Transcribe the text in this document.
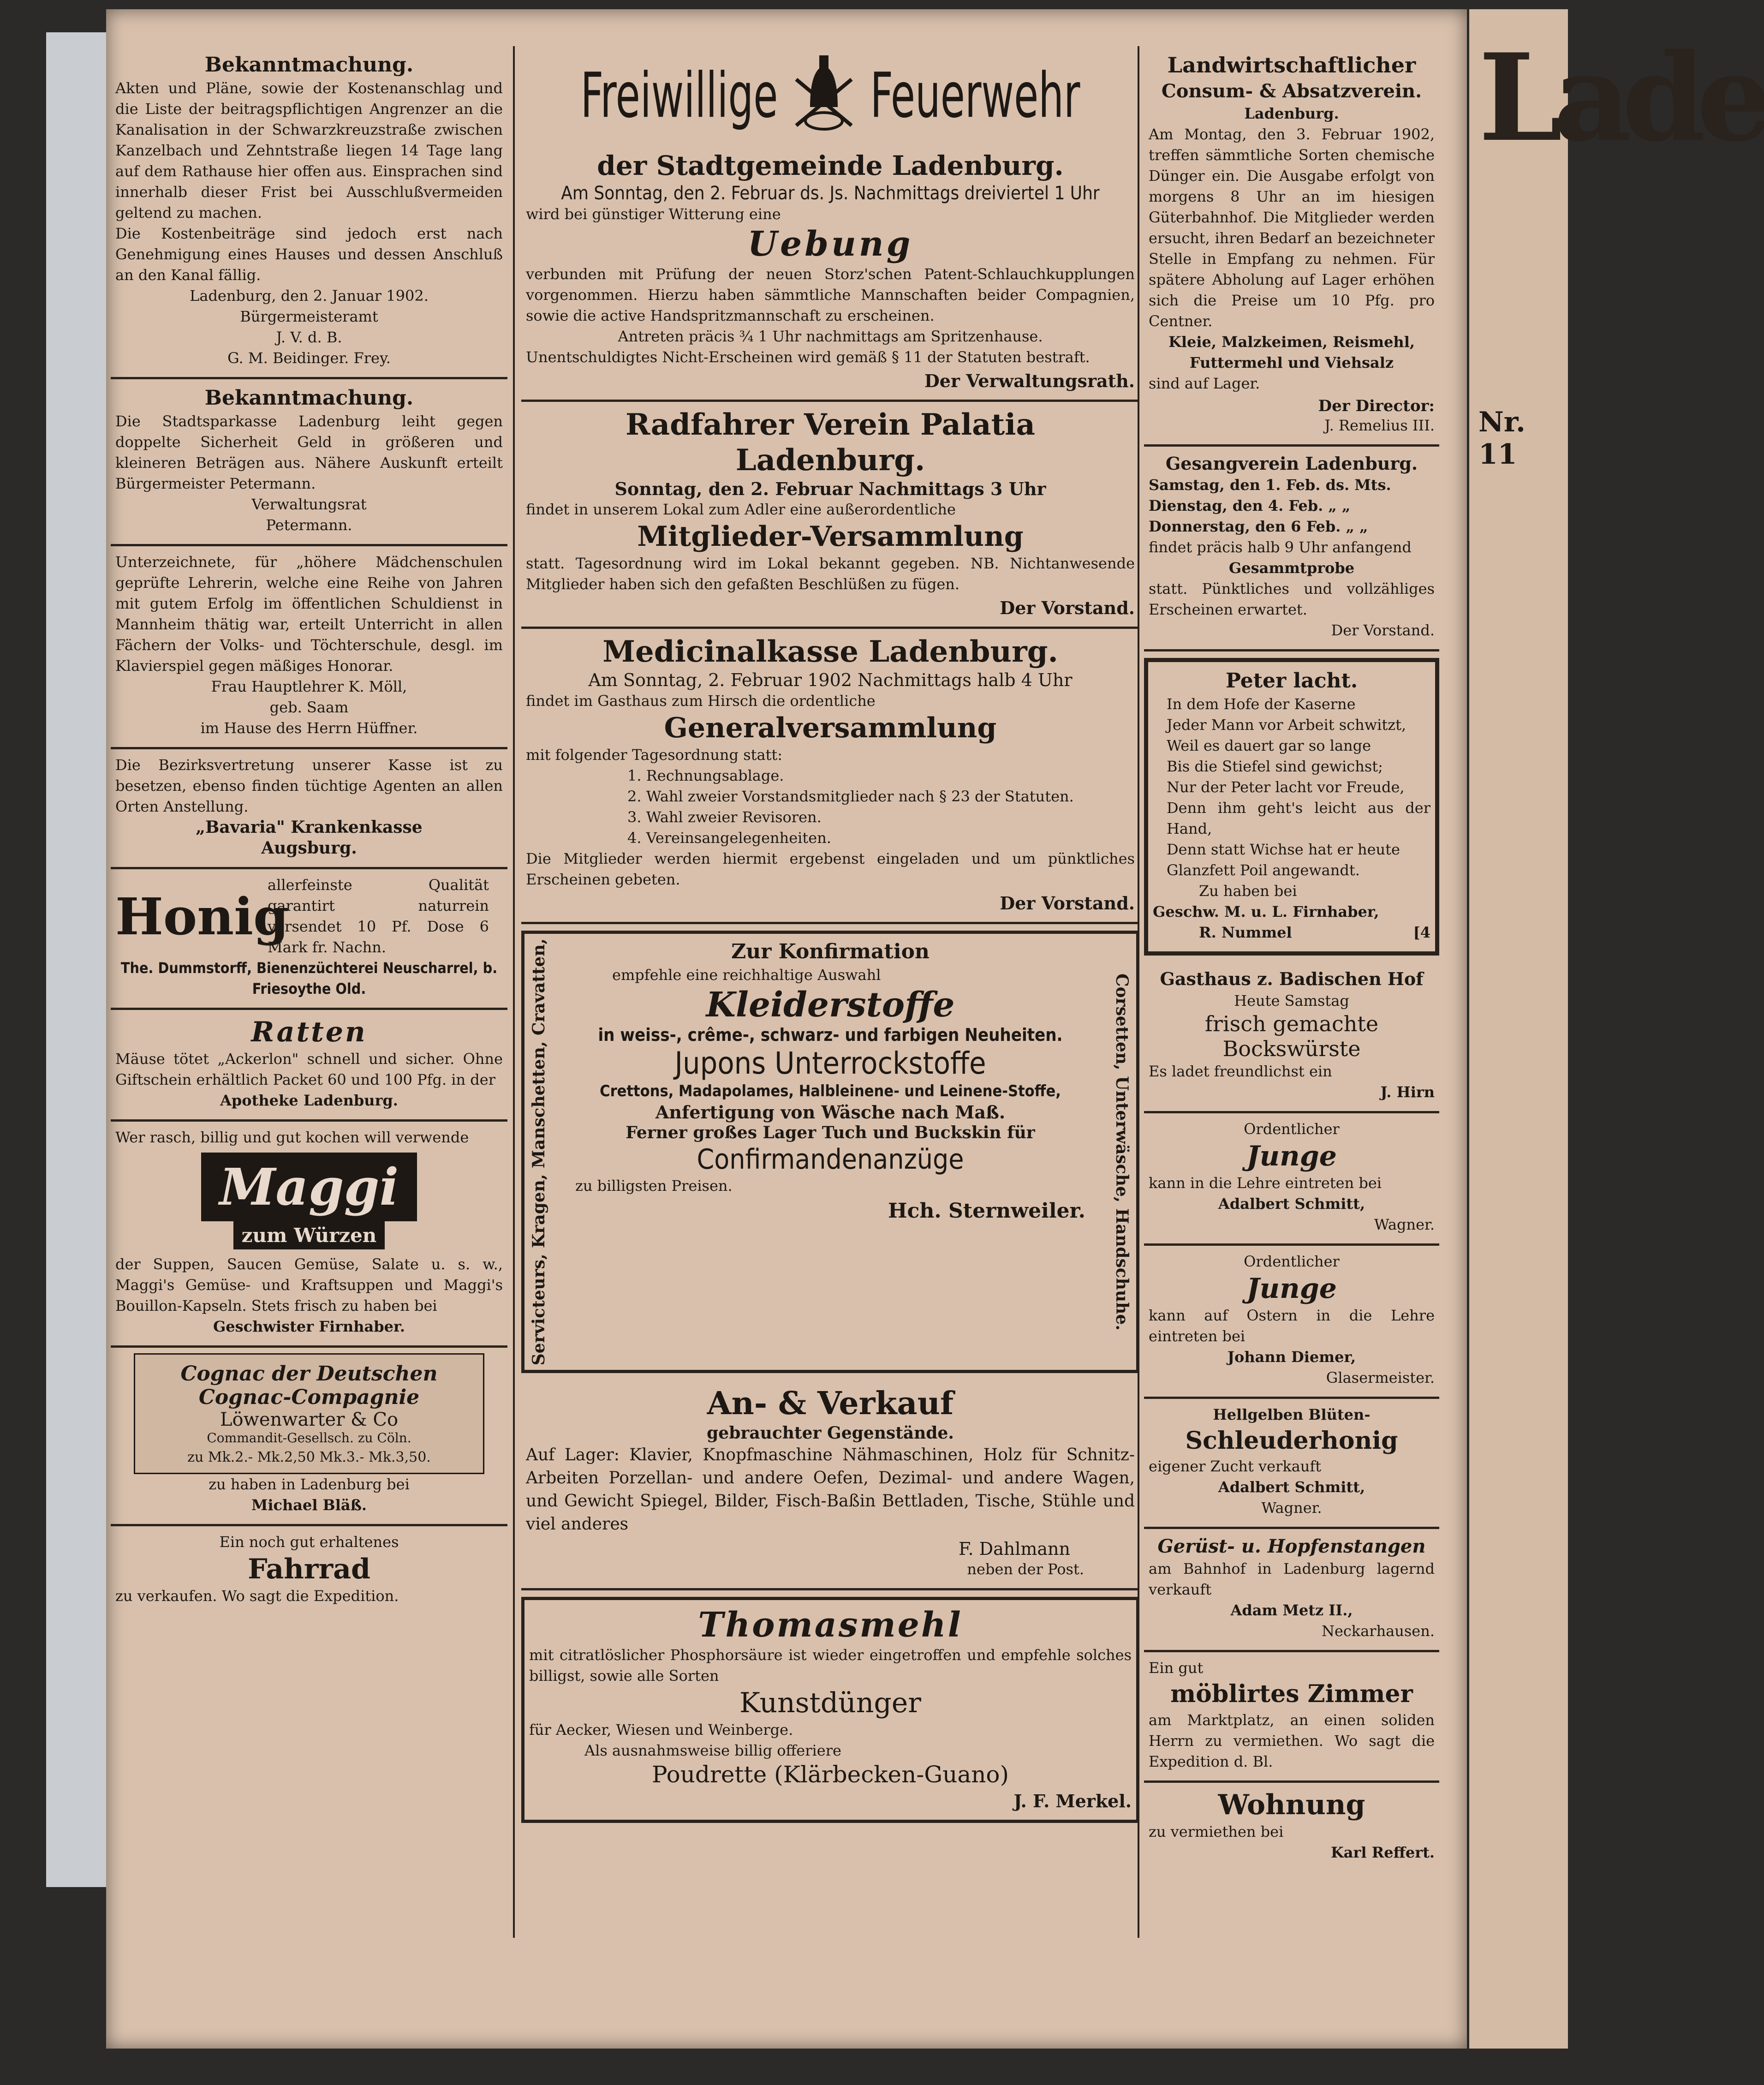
Bekanntmachung.
Akten und Pläne, sowie der Kostenanschlag und die Liste der beitragspflichtigen Angrenzer an die Kanalisation in der Schwarzkreuzstraße zwischen Kanzelbach und Zehntstraße liegen 14 Tage lang auf dem Rathause hier offen aus. Einsprachen sind innerhalb dieser Frist bei Ausschlußvermeiden geltend zu machen.
Die Kostenbeiträge sind jedoch erst nach Genehmigung eines Hauses und dessen Anschluß an den Kanal fällig.
Ladenburg, den 2. Januar 1902.
Bürgermeisteramt
J. V. d. B.
G. M. Beidinger. Frey.
Bekanntmachung.
Die Stadtsparkasse Ladenburg leiht gegen doppelte Sicherheit Geld in größeren und kleineren Beträgen aus. Nähere Auskunft erteilt Bürgermeister Petermann.
Verwaltungsrat
Petermann.
Unterzeichnete, für „höhere Mädchenschulen geprüfte Lehrerin, welche eine Reihe von Jahren mit gutem Erfolg im öffentlichen Schuldienst in Mannheim thätig war, erteilt Unterricht in allen Fächern der Volks- und Töchterschule, desgl. im Klavierspiel gegen mäßiges Honorar.
Frau Hauptlehrer K. Möll,
geb. Saam
im Hause des Herrn Hüffner.
Die Bezirksvertretung unserer Kasse ist zu besetzen, ebenso finden tüchtige Agenten an allen Orten Anstellung.
„Bavaria" Krankenkasse
Augsburg.
Honig
allerfeinste Qualität garantirt naturrein versendet 10 Pf. Dose 6 Mark fr. Nachn.
The. Dummstorff, Bienenzüchterei Neuscharrel, b. Friesoythe Old.
Ratten
Mäuse tötet „Ackerlon" schnell und sicher. Ohne Giftschein erhältlich Packet 60 und 100 Pfg. in der
Apotheke Ladenburg.
Wer rasch, billig und gut kochen will verwende
Maggi
zum Würzen
der Suppen, Saucen Gemüse, Salate u. s. w., Maggi's Gemüse- und Kraftsuppen und Maggi's Bouillon-Kapseln. Stets frisch zu haben bei
Geschwister Firnhaber.
Cognac der Deutschen Cognac-Compagnie
Löwenwarter & Co
Commandit-Gesellsch. zu Cöln.
zu Mk.2.- Mk.2,50 Mk.3.- Mk.3,50.
zu haben in Ladenburg bei
Michael Bläß.
Ein noch gut erhaltenes
Fahrrad
zu verkaufen. Wo sagt die Expedition.
Freiwillige Feuerwehr
der Stadtgemeinde Ladenburg.
Am Sonntag, den 2. Februar ds. Js. Nachmittags dreiviertel 1 Uhr
wird bei günstiger Witterung eine
Uebung
verbunden mit Prüfung der neuen Storz'schen Patent-Schlauchkupplungen vorgenommen. Hierzu haben sämmtliche Mannschaften beider Compagnien, sowie die active Handspritzmannschaft zu erscheinen.
Antreten präcis ¾ 1 Uhr nachmittags am Spritzenhause.
Unentschuldigtes Nicht-Erscheinen wird gemäß § 11 der Statuten bestraft.
Der Verwaltungsrath.
Radfahrer Verein Palatia Ladenburg.
Sonntag, den 2. Februar Nachmittags 3 Uhr
findet in unserem Lokal zum Adler eine außerordentliche
Mitglieder-Versammlung
statt. Tagesordnung wird im Lokal bekannt gegeben. NB. Nichtanwesende Mitglieder haben sich den gefaßten Beschlüßen zu fügen.
Der Vorstand.
Medicinalkasse Ladenburg.
Am Sonntag, 2. Februar 1902 Nachmittags halb 4 Uhr
findet im Gasthaus zum Hirsch die ordentliche
Generalversammlung
mit folgender Tagesordnung statt:
1. Rechnungsablage.
2. Wahl zweier Vorstandsmitglieder nach § 23 der Statuten.
3. Wahl zweier Revisoren.
4. Vereinsangelegenheiten.
Die Mitglieder werden hiermit ergebenst eingeladen und um pünktliches Erscheinen gebeten.
Der Vorstand.
Servicteurs, Kragen, Manschetten, Cravatten,	Zur Konfirmation
empfehle eine reichhaltige Auswahl
Kleiderstoffe
in weiss-, crême-, schwarz- und farbigen Neuheiten.
Jupons Unterrockstoffe
Crettons, Madapolames, Halbleinene- und Leinene-Stoffe,
Anfertigung von Wäsche nach Maß.
Ferner großes Lager Tuch und Buckskin für
Confirmandenanzüge
zu billigsten Preisen.
Hch. Sternweiler.	Corsetten, Unterwäsche, Handschuhe.
An- & Verkauf
gebrauchter Gegenstände.
Auf Lager: Klavier, Knopfmaschine Nähmaschinen, Holz für Schnitz-Arbeiten Porzellan- und andere Oefen, Dezimal- und andere Wagen, und Gewicht Spiegel, Bilder, Fisch-Baßin Bettladen, Tische, Stühle und viel anderes
F. Dahlmann
neben der Post.
Thomasmehl
mit citratlöslicher Phosphorsäure ist wieder eingetroffen und empfehle solches billigst, sowie alle Sorten
Kunstdünger
für Aecker, Wiesen und Weinberge.
Als ausnahmsweise billig offeriere
Poudrette (Klärbecken-Guano)
J. F. Merkel.
Landwirtschaftlicher
Consum- & Absatzverein.
Ladenburg.
Am Montag, den 3. Februar 1902, treffen sämmtliche Sorten chemische Dünger ein. Die Ausgabe erfolgt von morgens 8 Uhr an im hiesigen Güterbahnhof. Die Mitglieder werden ersucht, ihren Bedarf an bezeichneter Stelle in Empfang zu nehmen. Für spätere Abholung auf Lager erhöhen sich die Preise um 10 Pfg. pro Centner.
Kleie, Malzkeimen, Reismehl, Futtermehl und Viehsalz
sind auf Lager.
Der Director:
J. Remelius III.
Gesangverein Ladenburg.
Samstag, den 1. Feb. ds. Mts.
Dienstag, den 4. Feb. „ „
Donnerstag, den 6 Feb. „ „
findet präcis halb 9 Uhr anfangend
Gesammtprobe
statt. Pünktliches und vollzähliges Erscheinen erwartet.
Der Vorstand.
Peter lacht.
In dem Hofe der Kaserne
Jeder Mann vor Arbeit schwitzt,
Weil es dauert gar so lange
Bis die Stiefel sind gewichst;
Nur der Peter lacht vor Freude,
Denn ihm geht's leicht aus der Hand,
Denn statt Wichse hat er heute
Glanzfett Poil angewandt.
Zu haben bei
Geschw. M. u. L. Firnhaber,
R. Nummel	[4
Gasthaus z. Badischen Hof
Heute Samstag
frisch gemachte Bockswürste
Es ladet freundlichst ein
J. Hirn
Ordentlicher
Junge
kann in die Lehre eintreten bei
Adalbert Schmitt,
Wagner.
Ordentlicher
Junge
kann auf Ostern in die Lehre eintreten bei
Johann Diemer,
Glasermeister.
Hellgelben Blüten-
Schleuderhonig
eigener Zucht verkauft
Adalbert Schmitt,
Wagner.
Gerüst- u. Hopfenstangen
am Bahnhof in Ladenburg lagernd verkauft
Adam Metz II.,
Neckarhausen.
Ein gut
möblirtes Zimmer
am Marktplatz, an einen soliden Herrn zu vermiethen. Wo sagt die Expedition d. Bl.
Wohnung
zu vermiethen bei
Karl Reffert.
Lade
Nr. 11
